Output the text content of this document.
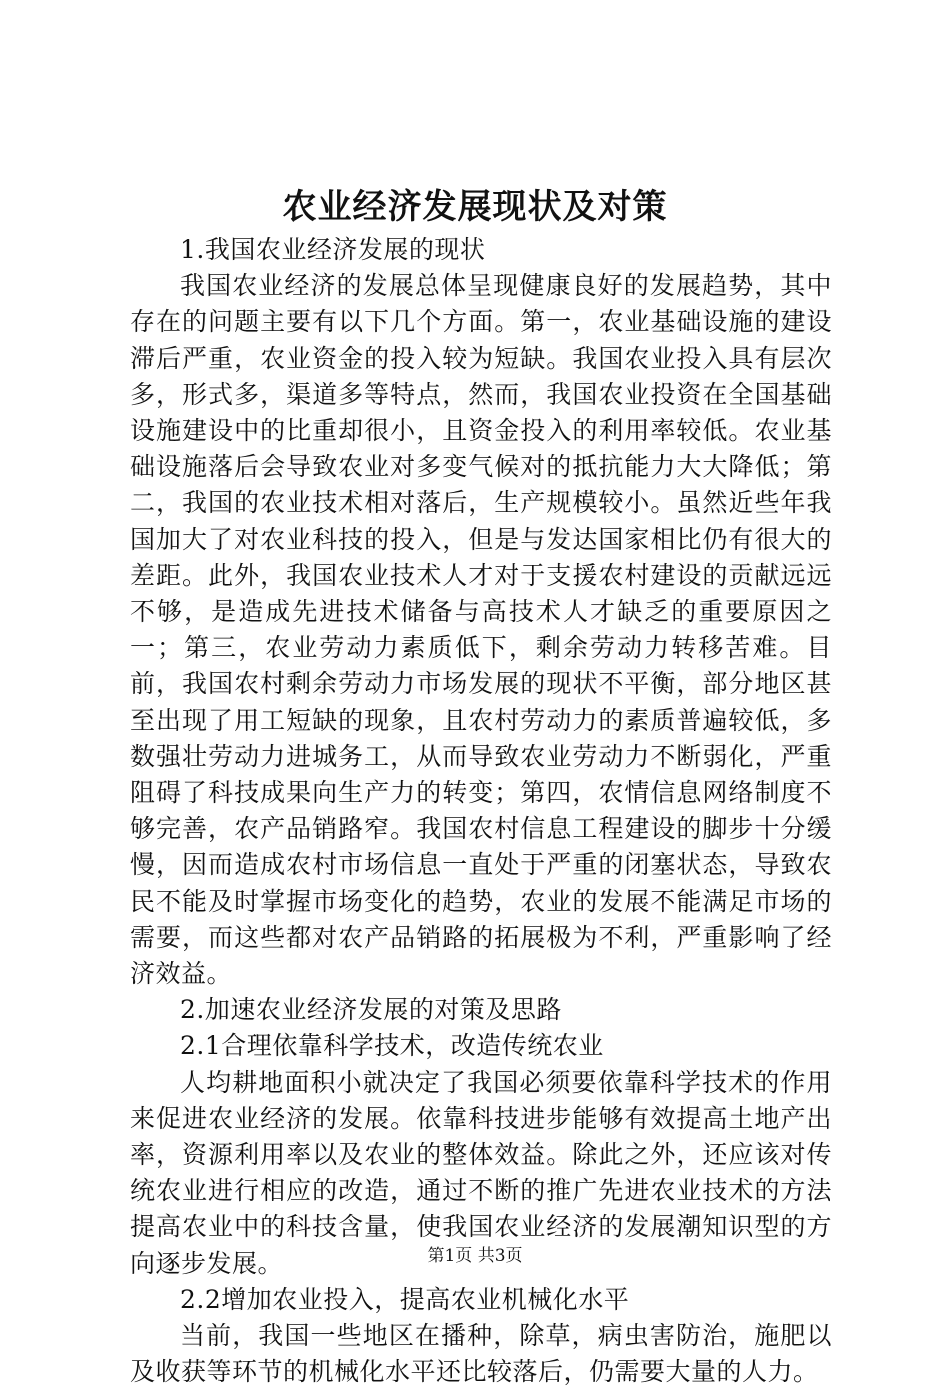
农业经济发展现状及对策

1.我国农业经济发展的现状

我国农业经济的发展总体呈现健康良好的发展趋势，其中存在的问题主要有以下几个方面。第一，农业基础设施的建设滞后严重，农业资金的投入较为短缺。我国农业投入具有层次多，形式多，渠道多等特点，然而，我国农业投资在全国基础设施建设中的比重却很小，且资金投入的利用率较低。农业基础设施落后会导致农业对多变气候对的抵抗能力大大降低；第二，我国的农业技术相对落后，生产规模较小。虽然近些年我国加大了对农业科技的投入，但是与发达国家相比仍有很大的差距。此外，我国农业技术人才对于支援农村建设的贡献远远不够，是造成先进技术储备与高技术人才缺乏的重要原因之一；第三，农业劳动力素质低下，剩余劳动力转移苦难。目前，我国农村剩余劳动力市场发展的现状不平衡，部分地区甚至出现了用工短缺的现象，且农村劳动力的素质普遍较低，多数强壮劳动力进城务工，从而导致农业劳动力不断弱化，严重阻碍了科技成果向生产力的转变；第四，农情信息网络制度不够完善，农产品销路窄。我国农村信息工程建设的脚步十分缓慢，因而造成农村市场信息一直处于严重的闭塞状态，导致农民不能及时掌握市场变化的趋势，农业的发展不能满足市场的需要，而这些都对农产品销路的拓展极为不利，严重影响了经济效益。

2.加速农业经济发展的对策及思路

2.1合理依靠科学技术，改造传统农业

人均耕地面积小就决定了我国必须要依靠科学技术的作用来促进农业经济的发展。依靠科技进步能够有效提高土地产出率，资源利用率以及农业的整体效益。除此之外，还应该对传统农业进行相应的改造，通过不断的推广先进农业技术的方法提高农业中的科技含量，使我国农业经济的发展潮知识型的方向逐步发展。

2.2增加农业投入，提高农业机械化水平

当前，我国一些地区在播种，除草，病虫害防治，施肥以及收获等环节的机械化水平还比较落后，仍需要大量的人力。

第1页 共3页
